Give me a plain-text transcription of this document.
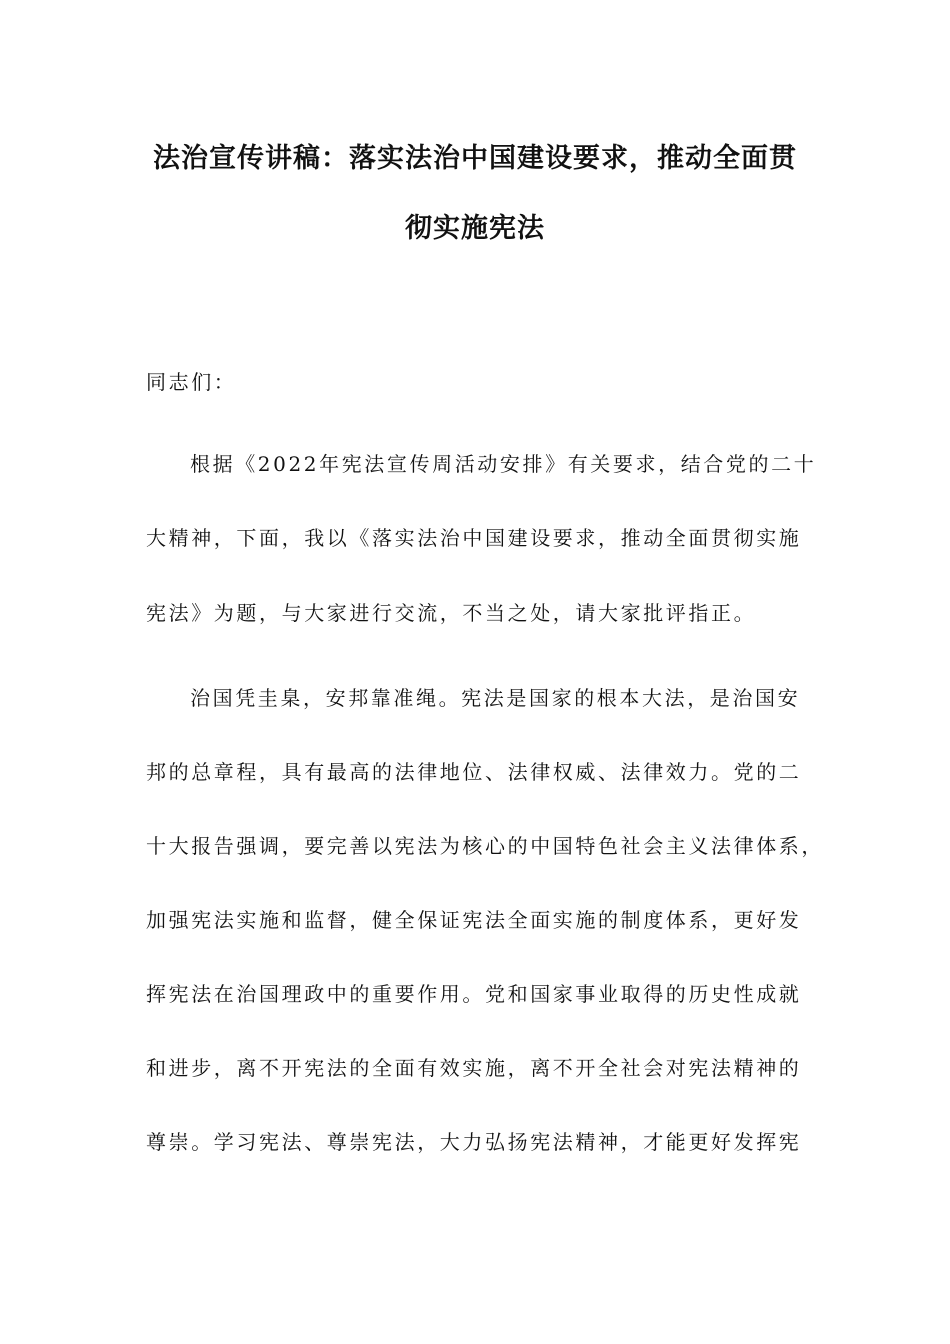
法治宣传讲稿：落实法治中国建设要求，推动全面贯
彻实施宪法
同志们：
根据《2022年宪法宣传周活动安排》有关要求，结合党的二十
大精神，下面，我以《落实法治中国建设要求，推动全面贯彻实施
宪法》为题，与大家进行交流，不当之处，请大家批评指正。
治国凭圭臬，安邦靠准绳。宪法是国家的根本大法，是治国安
邦的总章程，具有最高的法律地位、法律权威、法律效力。党的二
十大报告强调，要完善以宪法为核心的中国特色社会主义法律体系，
加强宪法实施和监督，健全保证宪法全面实施的制度体系，更好发
挥宪法在治国理政中的重要作用。党和国家事业取得的历史性成就
和进步，离不开宪法的全面有效实施，离不开全社会对宪法精神的
尊崇。学习宪法、尊崇宪法，大力弘扬宪法精神，才能更好发挥宪
